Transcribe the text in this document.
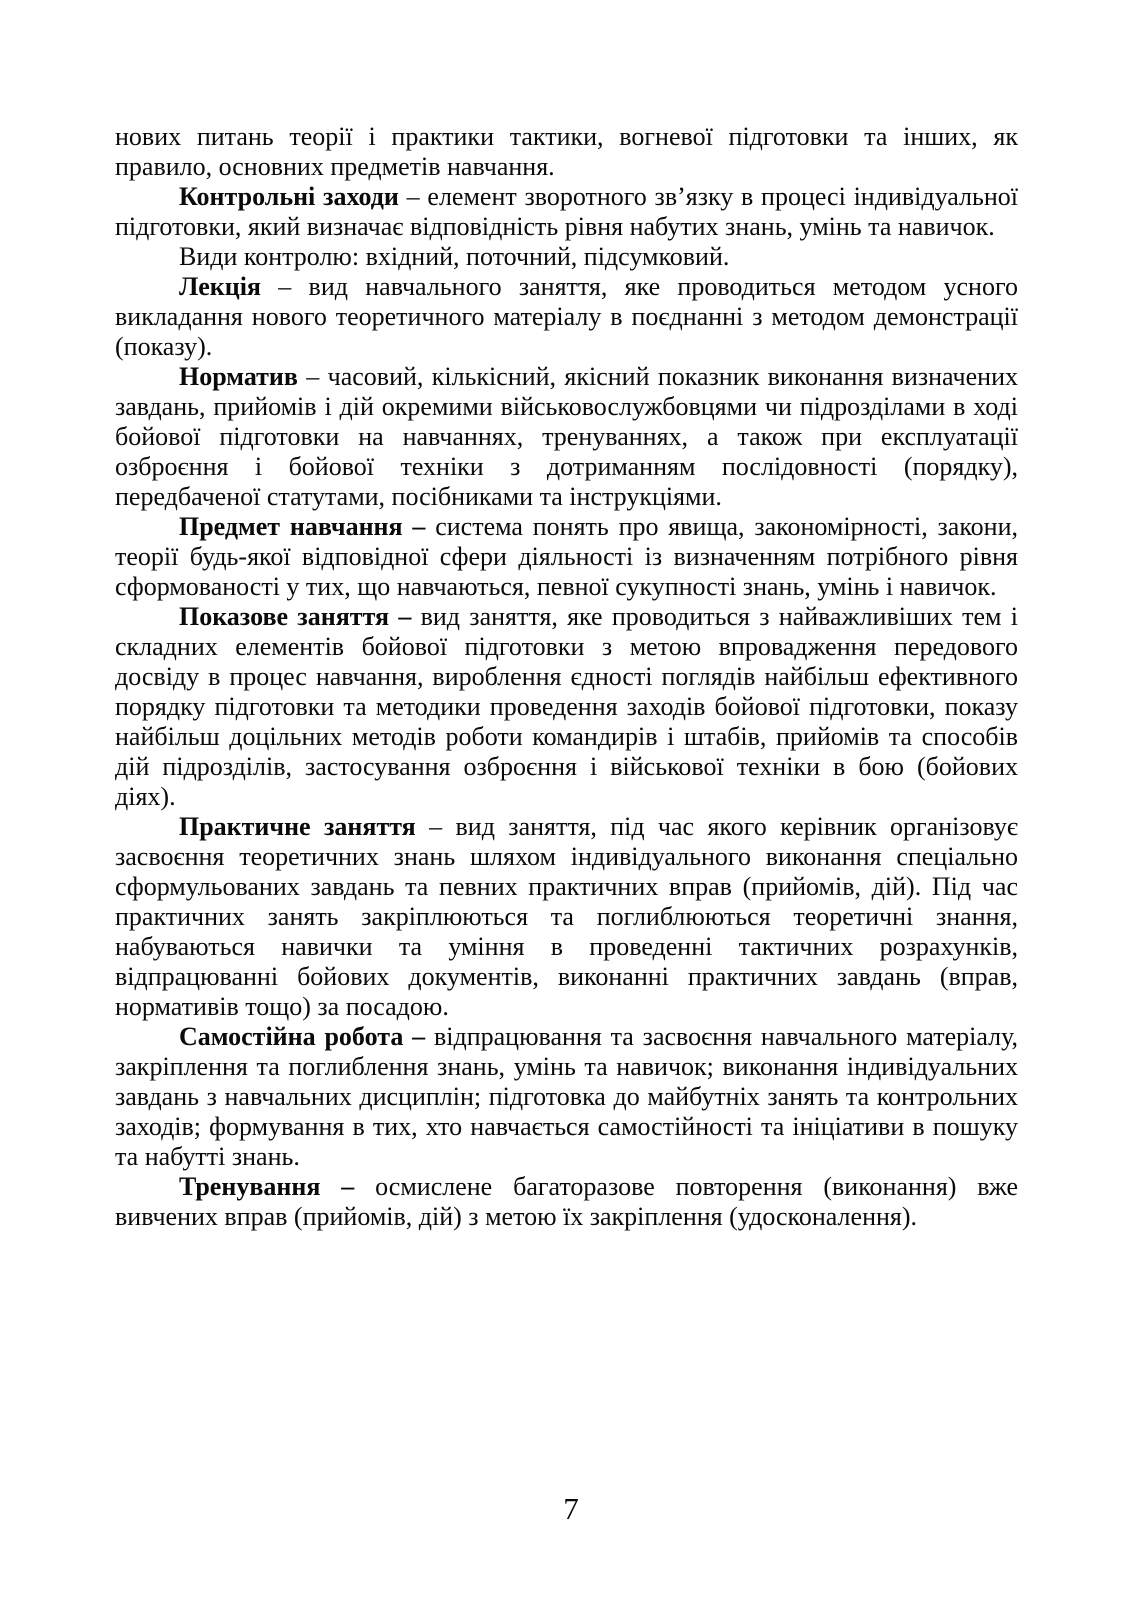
нових питань теорії і практики тактики, вогневої підготовки та інших, як правило, основних предметів навчання.

Контрольні заходи – елемент зворотного зв’язку в процесі індивідуальної підготовки, який визначає відповідність рівня набутих знань, умінь та навичок.

Види контролю: вхідний, поточний, підсумковий.

Лекція – вид навчального заняття, яке проводиться методом усного викладання нового теоретичного матеріалу в поєднанні з методом демонстрації (показу).

Норматив – часовий, кількісний, якісний показник виконання визначених завдань, прийомів і дій окремими військовослужбовцями чи підрозділами в ході бойової підготовки на навчаннях, тренуваннях, а також при експлуатації озброєння і бойової техніки з дотриманням послідовності (порядку), передбаченої статутами, посібниками та інструкціями.

Предмет навчання – система понять про явища, закономірності, закони, теорії будь-якої відповідної сфери діяльності із визначенням потрібного рівня сформованості у тих, що навчаються, певної сукупності знань, умінь і навичок.

Показове заняття – вид заняття, яке проводиться з найважливіших тем і складних елементів бойової підготовки з метою впровадження передового досвіду в процес навчання, вироблення єдності поглядів найбільш ефективного порядку підготовки та методики проведення заходів бойової підготовки, показу найбільш доцільних методів роботи командирів і штабів, прийомів та способів дій підрозділів, застосування озброєння і військової техніки в бою (бойових діях).

Практичне заняття – вид заняття, під час якого керівник організовує засвоєння теоретичних знань шляхом індивідуального виконання спеціально сформульованих завдань та певних практичних вправ (прийомів, дій). Під час практичних занять закріплюються та поглиблюються теоретичні знання, набуваються навички та уміння в проведенні тактичних розрахунків, відпрацюванні бойових документів, виконанні практичних завдань (вправ, нормативів тощо) за посадою.

Самостійна робота – відпрацювання та засвоєння навчального матеріалу, закріплення та поглиблення знань, умінь та навичок; виконання індивідуальних завдань з навчальних дисциплін; підготовка до майбутніх занять та контрольних заходів; формування в тих, хто навчається самостійності та ініціативи в пошуку та набутті знань.

Тренування – осмислене багаторазове повторення (виконання) вже вивчених вправ (прийомів, дій) з метою їх закріплення (удосконалення).

7
